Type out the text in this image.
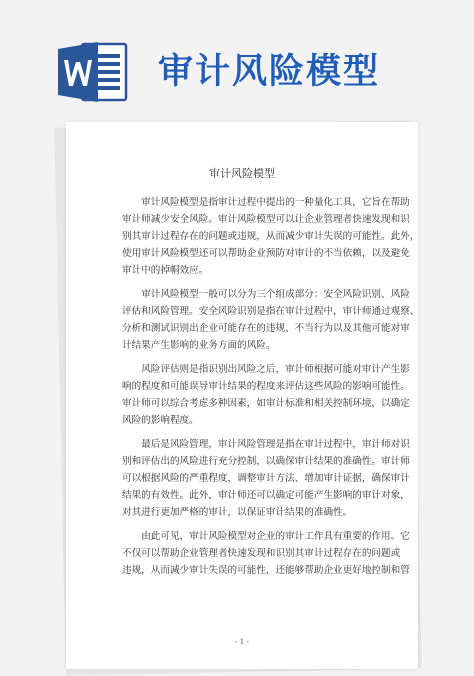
审计风险模型
审计风险模型
审计风险模型是指审计过程中提出的一种量化工具，它旨在帮助
审计师减少安全风险。审计风险模型可以让企业管理者快速发现和识
别其审计过程存在的问题或违规，从而减少审计失误的可能性。此外，
使用审计风险模型还可以帮助企业预防对审计的不当依赖，以及避免
审计中的掉帽效应。
审计风险模型一般可以分为三个组成部分：安全风险识别、风险
评估和风险管理。安全风险识别是指在审计过程中，审计师通过观察、
分析和测试识别出企业可能存在的违规、不当行为以及其他可能对审
计结果产生影响的业务方面的风险。
风险评估则是指识别出风险之后，审计师根据可能对审计产生影
响的程度和可能误导审计结果的程度来评估这些风险的影响可能性。
审计师可以综合考虑多种因素，如审计标准和相关控制环境，以确定
风险的影响程度。
最后是风险管理，审计风险管理是指在审计过程中，审计师对识
别和评估出的风险进行充分控制，以确保审计结果的准确性。审计师
可以根据风险的严重程度，调整审计方法、增加审计证据，确保审计
结果的有效性。此外，审计师还可以确定可能产生影响的审计对象，
对其进行更加严格的审计，以保证审计结果的准确性。
由此可见，审计风险模型对企业的审计工作具有重要的作用。它
不仅可以帮助企业管理者快速发现和识别其审计过程存在的问题或
违规，从而减少审计失误的可能性，还能够帮助企业更好地控制和管
- 1 -
